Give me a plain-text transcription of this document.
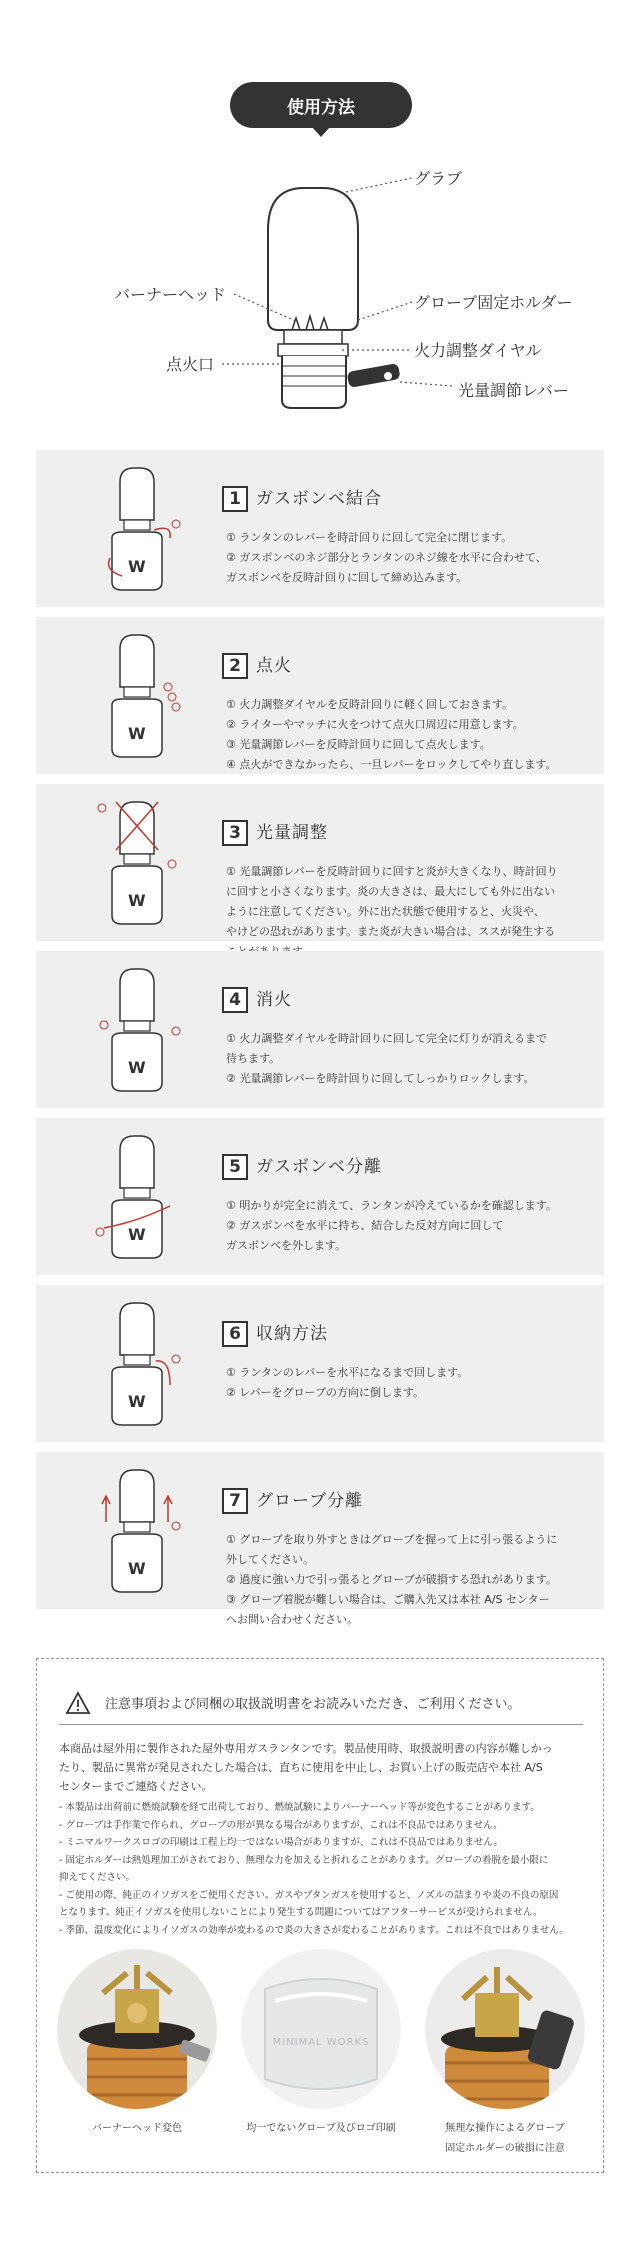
使用方法
グラブ
バーナーヘッド	グローブ固定ホルダー
点火口
火力調整ダイヤル
光量調節レバー
W
1 ガスボンベ結合
① ランタンのレバーを時計回りに回して完全に閉じます。
② ガスボンベのネジ部分とランタンのネジ線を水平に合わせて、
ガスボンベを反時計回りに回して締め込みます。
W
2 点火
① 火力調整ダイヤルを反時計回りに軽く回しておきます。
② ライターやマッチに火をつけて点火口周辺に用意します。
③ 光量調節レバーを反時計回りに回して点火します。
④ 点火ができなかったら、一旦レバーをロックしてやり直します。
W
3 光量調整
① 光量調節レバーを反時計回りに回すと炎が大きくなり、時計回り
に回すと小さくなります。炎の大きさは、最大にしても外に出ない
ように注意してください。外に出た状態で使用すると、火災や、
やけどの恐れがあります。また炎が大きい場合は、ススが発生する
W
4 消火
① 火力調整ダイヤルを時計回りに回して完全に灯りが消えるまで
待ちます。
② 光量調節レバーを時計回りに回してしっかりロックします。
W
5 ガスボンベ分離
① 明かりが完全に消えて、ランタンが冷えているかを確認します。
② ガスボンベを水平に持ち、結合した反対方向に回して
ガスボンベを外します。
W
6 収納方法
① ランタンのレバーを水平になるまで回します。
② レバーをグローブの方向に倒します。
W
7 グローブ分離
① グローブを取り外すときはグローブを握って上に引っ張るように
外してください。
② 過度に強い力で引っ張るとグローブが破損する恐れがあります。
③ グローブ着脱が難しい場合は、ご購入先又は本社 A/S センター
へお問い合わせください。
注意事項および同梱の取扱説明書をお読みいただき、ご利用ください。
本商品は屋外用に製作された屋外専用ガスランタンです。製品使用時、取扱説明書の内容が難しかっ
たり、製品に異常が発見されたした場合は、直ちに使用を中止し、お買い上げの販売店や本社 A/S
センターまでご連絡ください。
- 本製品は出荷前に燃焼試験を経て出荷しており、燃焼試験によりバーナーヘッド等が変色することがあります。
- グローブは手作業で作られ、グローブの形が異なる場合がありますが、これは不良品ではありません。
- ミニマルワークスロゴの印刷は工程上均一ではない場合がありますが、これは不良品ではありません。
- 固定ホルダーは熱処理加工がされており、無理な力を加えると折れることがあります。グローブの着脱を最小限に
抑えてください。
- ご使用の際、純正のイソガスをご使用ください。ガスやブタンガスを使用すると、ノズルの詰まりや炎の不良の原因
となります。純正イソガスを使用しないことにより発生する問題についてはアフターサービスが受けられません。
- 季節、温度変化によりイソガスの効率が変わるので炎の大きさが変わることがあります。これは不良ではありません。
MINIMAL WORKS
バーナーヘッド変色	均一でないグローブ及びロゴ印刷	無理な操作によるグローブ
固定ホルダーの破損に注意
